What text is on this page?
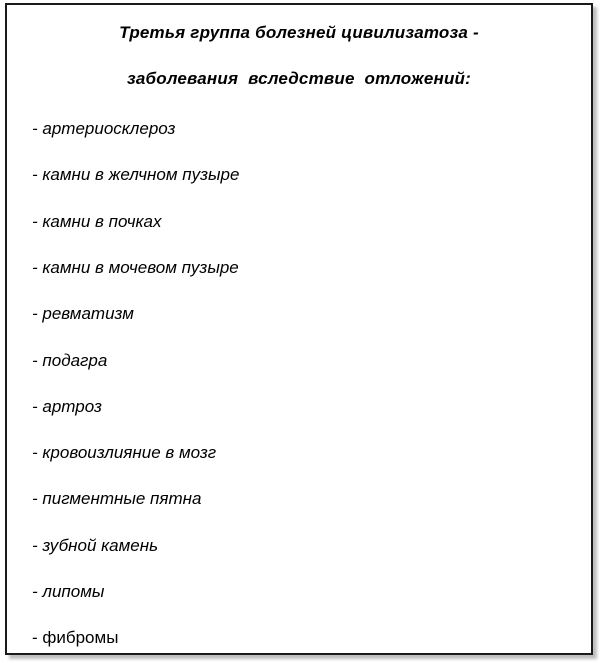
Третья группа болезней цивилизатоза -
заболевания вследствие отложений:
- артериосклероз
- камни в желчном пузыре
- камни в почках
- камни в мочевом пузыре
- ревматизм
- подагра
- артроз
- кровоизлияние в мозг
- пигментные пятна
- зубной камень
- липомы
- фибромы
